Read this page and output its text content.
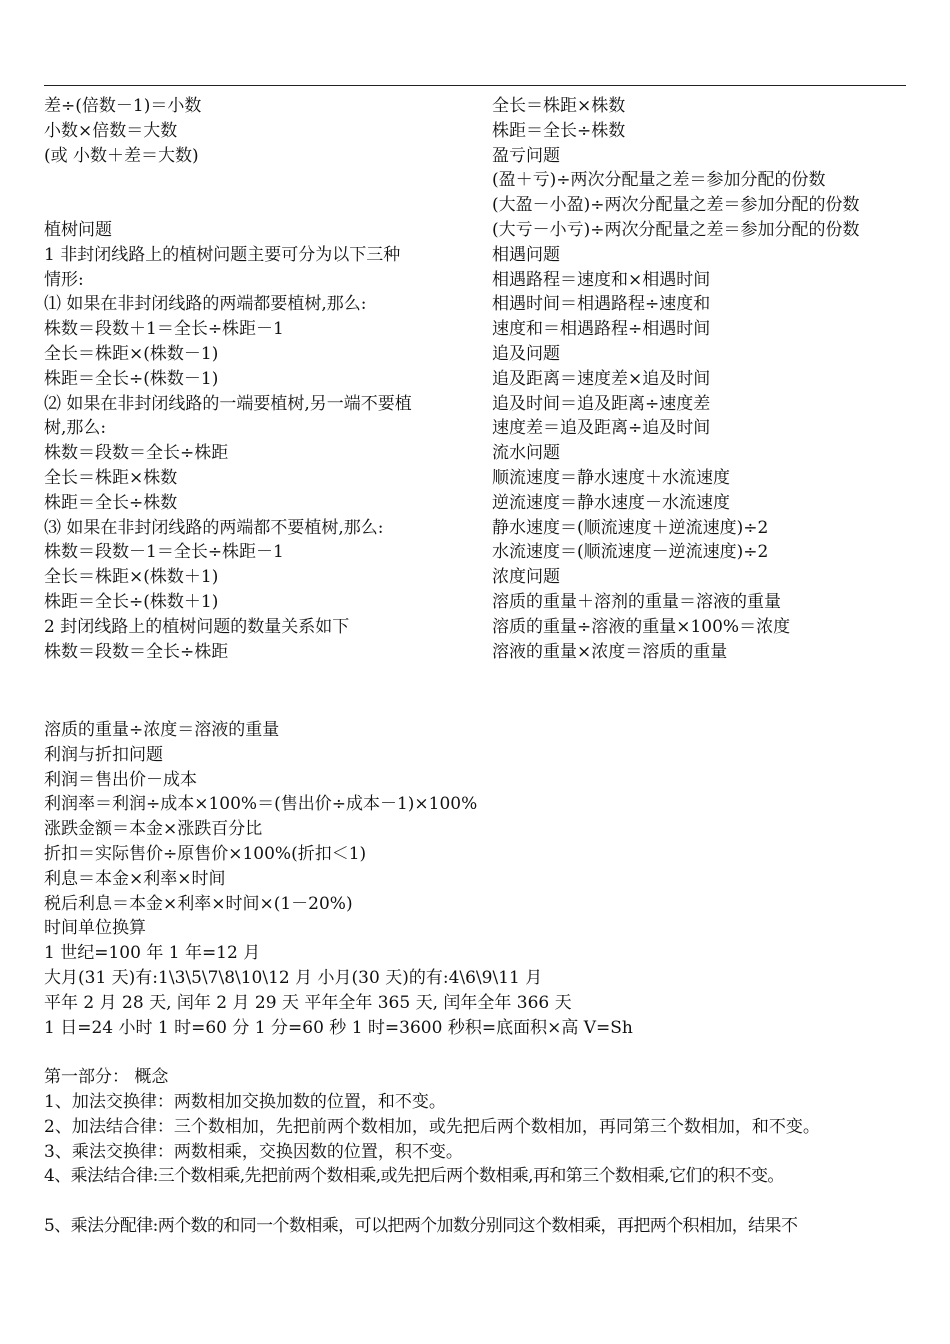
差÷(倍数－1)＝小数
小数×倍数＝大数
(或 小数＋差＝大数)
植树问题
1 非封闭线路上的植树问题主要可分为以下三种
情形:
⑴ 如果在非封闭线路的两端都要植树,那么:
株数＝段数＋1＝全长÷株距－1
全长＝株距×(株数－1)
株距＝全长÷(株数－1)
⑵ 如果在非封闭线路的一端要植树,另一端不要植
树,那么:
株数＝段数＝全长÷株距
全长＝株距×株数
株距＝全长÷株数
⑶ 如果在非封闭线路的两端都不要植树,那么:
株数＝段数－1＝全长÷株距－1
全长＝株距×(株数＋1)
株距＝全长÷(株数＋1)
2 封闭线路上的植树问题的数量关系如下
株数＝段数＝全长÷株距
全长＝株距×株数
株距＝全长÷株数
盈亏问题
(盈＋亏)÷两次分配量之差＝参加分配的份数
(大盈－小盈)÷两次分配量之差＝参加分配的份数
(大亏－小亏)÷两次分配量之差＝参加分配的份数
相遇问题
相遇路程＝速度和×相遇时间
相遇时间＝相遇路程÷速度和
速度和＝相遇路程÷相遇时间
追及问题
追及距离＝速度差×追及时间
追及时间＝追及距离÷速度差
速度差＝追及距离÷追及时间
流水问题
顺流速度＝静水速度＋水流速度
逆流速度＝静水速度－水流速度
静水速度＝(顺流速度＋逆流速度)÷2
水流速度＝(顺流速度－逆流速度)÷2
浓度问题
溶质的重量＋溶剂的重量＝溶液的重量
溶质的重量÷溶液的重量×100%＝浓度
溶液的重量×浓度＝溶质的重量
溶质的重量÷浓度＝溶液的重量
利润与折扣问题
利润＝售出价－成本
利润率＝利润÷成本×100%＝(售出价÷成本－1)×100%
涨跌金额＝本金×涨跌百分比
折扣＝实际售价÷原售价×100%(折扣＜1)
利息＝本金×利率×时间
税后利息＝本金×利率×时间×(1－20%)
时间单位换算
1 世纪=100 年 1 年=12 月
大月(31 天)有:1\3\5\7\8\10\12 月 小月(30 天)的有:4\6\9\11 月
平年 2 月 28 天, 闰年 2 月 29 天 平年全年 365 天, 闰年全年 366 天
1 日=24 小时 1 时=60 分 1 分=60 秒 1 时=3600 秒积=底面积×高 V=Sh
第一部分： 概念
1、加法交换律：两数相加交换加数的位置，和不变。
2、加法结合律：三个数相加，先把前两个数相加，或先把后两个数相加，再同第三个数相加，和不变。
3、乘法交换律：两数相乘，交换因数的位置，积不变。
4、乘法结合律:三个数相乘,先把前两个数相乘,或先把后两个数相乘,再和第三个数相乘,它们的积不变。
5、乘法分配律:两个数的和同一个数相乘，可以把两个加数分别同这个数相乘，再把两个积相加，结果不
